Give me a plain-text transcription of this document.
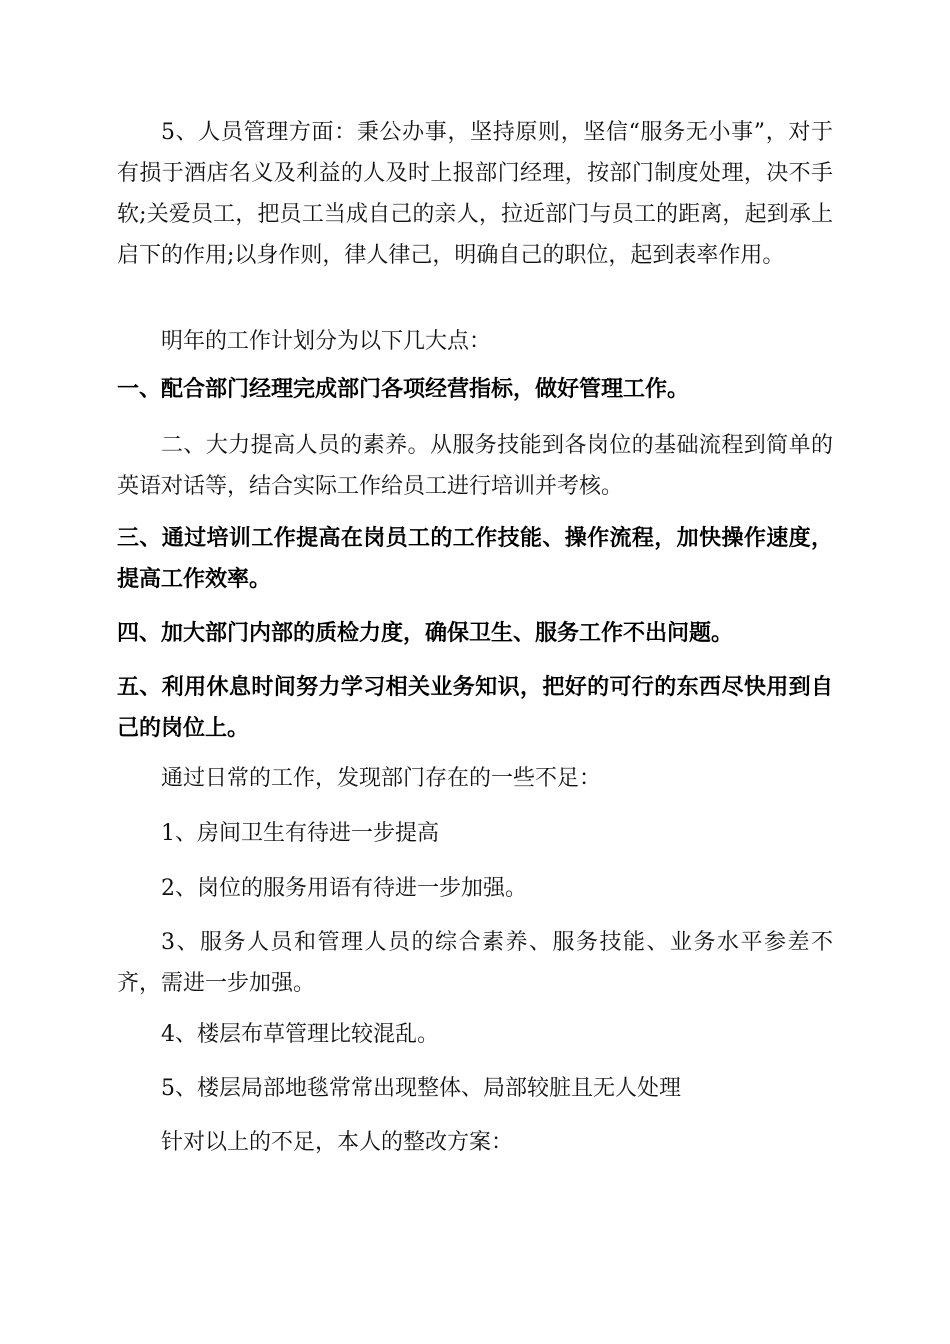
5、人员管理方面：秉公办事，坚持原则，坚信“服务无小事”，对于有损于酒店名义及利益的人及时上报部门经理，按部门制度处理，决不手软;关爱员工，把员工当成自己的亲人，拉近部门与员工的距离，起到承上启下的作用;以身作则，律人律己，明确自己的职位，起到表率作用。

明年的工作计划分为以下几大点：

一、配合部门经理完成部门各项经营指标，做好管理工作。

二、大力提高人员的素养。从服务技能到各岗位的基础流程到简单的英语对话等，结合实际工作给员工进行培训并考核。

三、通过培训工作提高在岗员工的工作技能、操作流程，加快操作速度，提高工作效率。

四、加大部门内部的质检力度，确保卫生、服务工作不出问题。

五、利用休息时间努力学习相关业务知识，把好的可行的东西尽快用到自己的岗位上。

通过日常的工作，发现部门存在的一些不足：

1、房间卫生有待进一步提高

2、岗位的服务用语有待进一步加强。

3、服务人员和管理人员的综合素养、服务技能、业务水平参差不齐，需进一步加强。

4、楼层布草管理比较混乱。

5、楼层局部地毯常常出现整体、局部较脏且无人处理

针对以上的不足，本人的整改方案：
